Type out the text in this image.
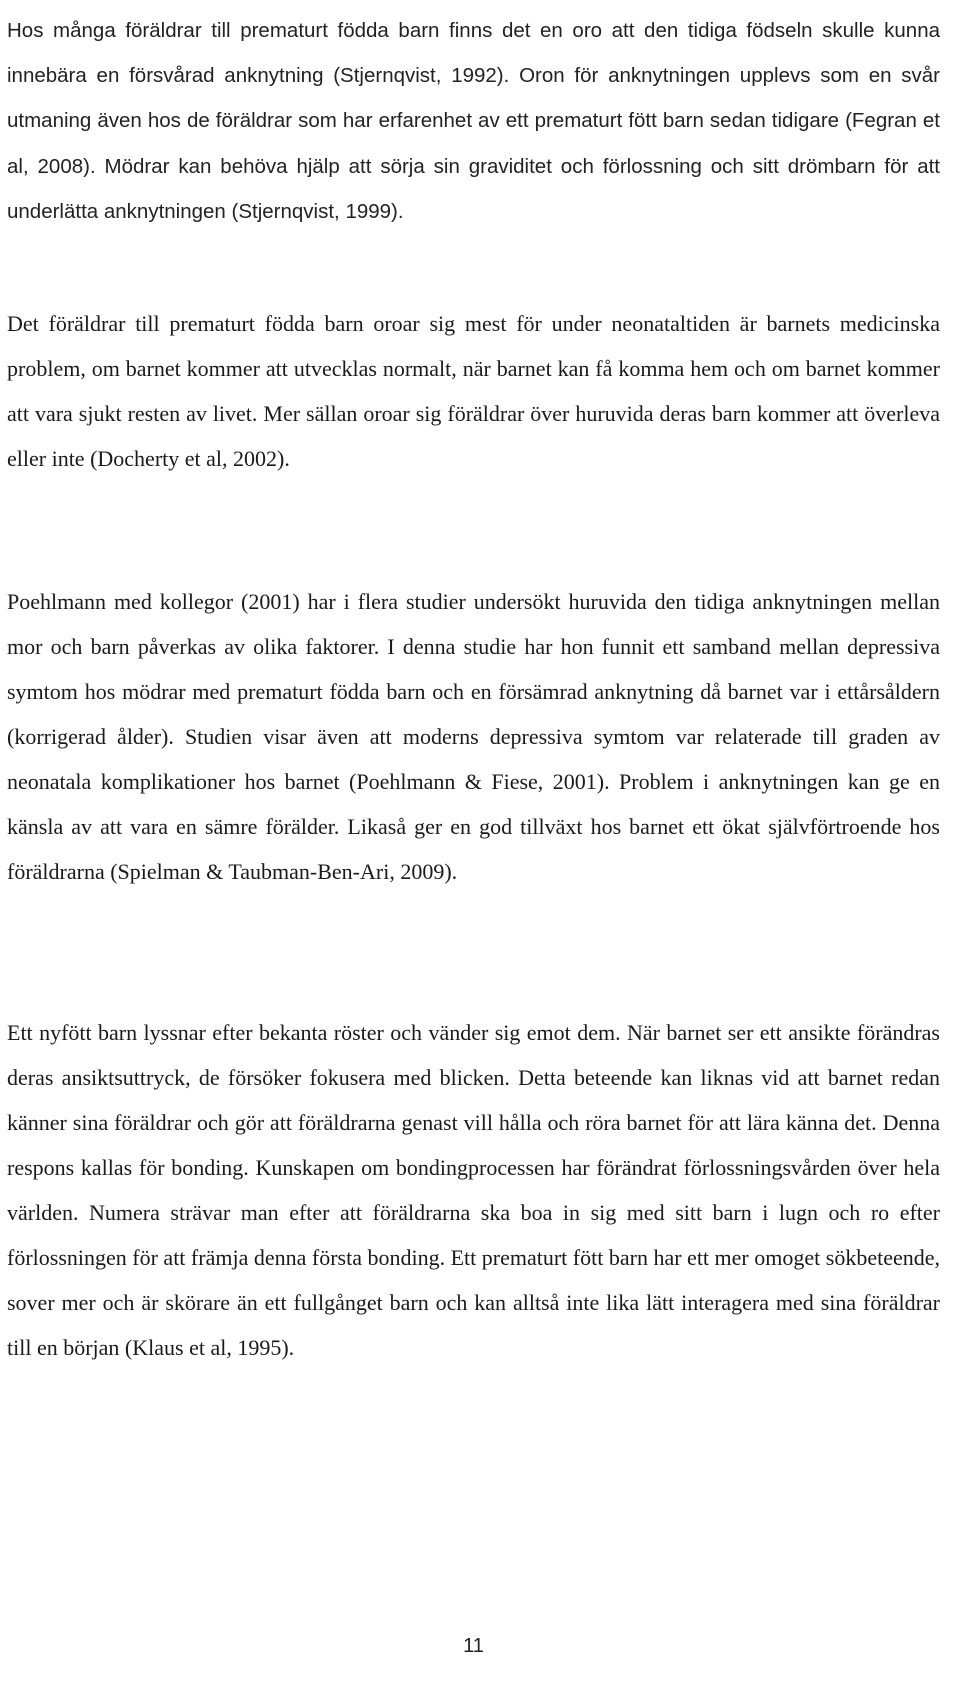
Hos många föräldrar till prematurt födda barn finns det en oro att den tidiga födseln skulle kunna innebära en försvårad anknytning (Stjernqvist, 1992). Oron för anknytningen upplevs som en svår utmaning även hos de föräldrar som har erfarenhet av ett prematurt fött barn sedan tidigare (Fegran et al, 2008). Mödrar kan behöva hjälp att sörja sin graviditet och förlossning och sitt drömbarn för att underlätta anknytningen (Stjernqvist, 1999).

Det föräldrar till prematurt födda barn oroar sig mest för under neonataltiden är barnets medicinska problem, om barnet kommer att utvecklas normalt, när barnet kan få komma hem och om barnet kommer att vara sjukt resten av livet. Mer sällan oroar sig föräldrar över huruvida deras barn kommer att överleva eller inte (Docherty et al, 2002).

Poehlmann med kollegor (2001) har i flera studier undersökt huruvida den tidiga anknytningen mellan mor och barn påverkas av olika faktorer. I denna studie har hon funnit ett samband mellan depressiva symtom hos mödrar med prematurt födda barn och en försämrad anknytning då barnet var i ettårsåldern (korrigerad ålder). Studien visar även att moderns depressiva symtom var relaterade till graden av neonatala komplikationer hos barnet (Poehlmann & Fiese, 2001). Problem i anknytningen kan ge en känsla av att vara en sämre förälder. Likaså ger en god tillväxt hos barnet ett ökat självförtroende hos föräldrarna (Spielman & Taubman-Ben-Ari, 2009).

Ett nyfött barn lyssnar efter bekanta röster och vänder sig emot dem. När barnet ser ett ansikte förändras deras ansiktsuttryck, de försöker fokusera med blicken. Detta beteende kan liknas vid att barnet redan känner sina föräldrar och gör att föräldrarna genast vill hålla och röra barnet för att lära känna det. Denna respons kallas för bonding. Kunskapen om bondingprocessen har förändrat förlossningsvården över hela världen. Numera strävar man efter att föräldrarna ska boa in sig med sitt barn i lugn och ro efter förlossningen för att främja denna första bonding. Ett prematurt fött barn har ett mer omoget sökbeteende, sover mer och är skörare än ett fullgånget barn och kan alltså inte lika lätt interagera med sina föräldrar till en början (Klaus et al, 1995).

11
